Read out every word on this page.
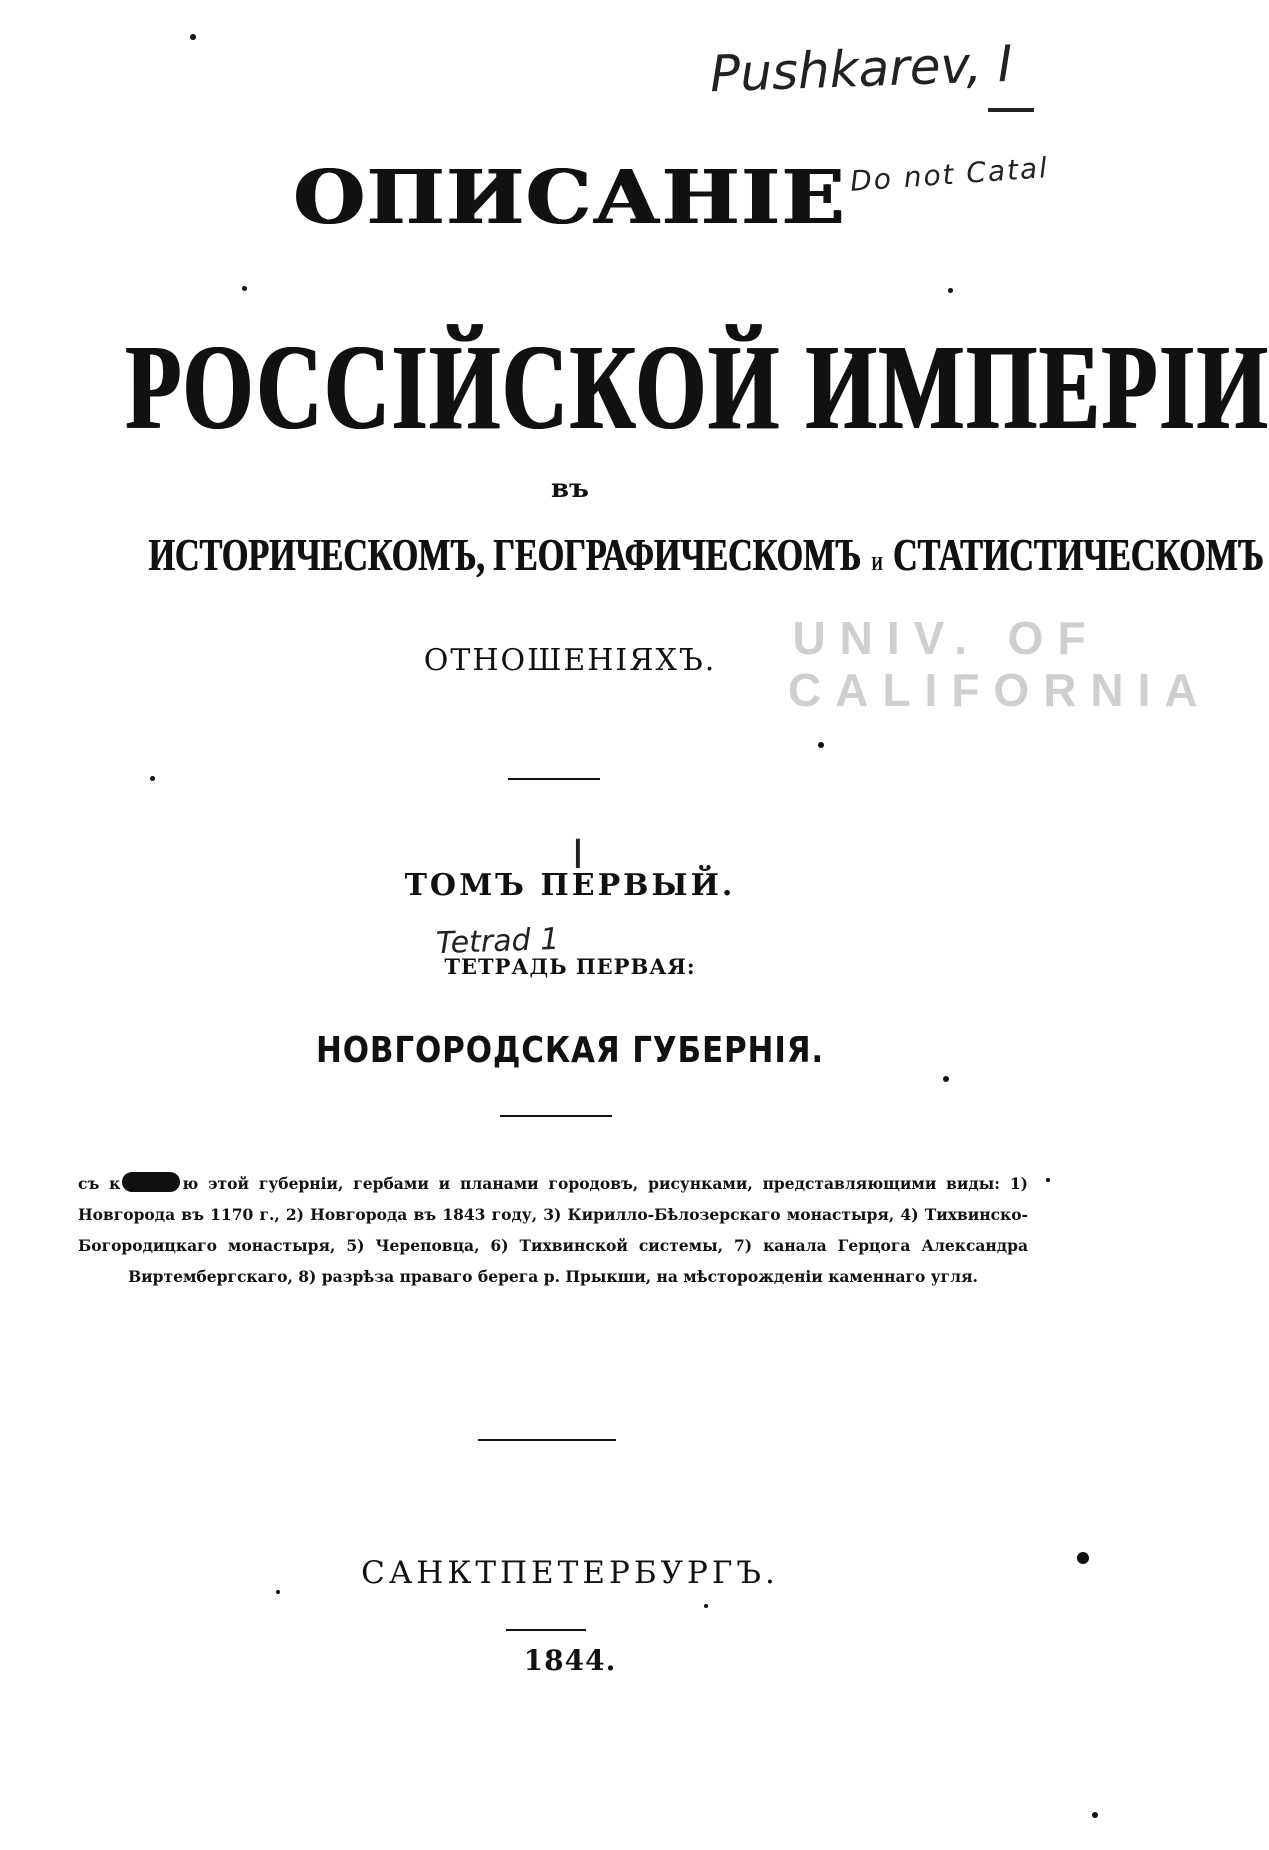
ОПИСАНІЕ
РОССІЙСКОЙ ИМПЕРІИ
въ
ИСТОРИЧЕСКОМЪ, ГЕОГРАФИЧЕСКОМЪ и СТАТИСТИЧЕСКОМЪ
ОТНОШЕНІЯХЪ.
ТОМЪ ПЕРВЫЙ.
ТЕТРАДЬ ПЕРВАЯ:
НОВГОРОДСКАЯ ГУБЕРНІЯ.
съ к	ю этой губерніи, гербами и планами городовъ, рисунками, представляющими виды: 1) Новгорода въ 1170 г., 2) Новгорода въ 1843 году, 3) Кирилло-Бѣлозерскаго монастыря, 4) Тихвинско-Богородицкаго монастыря, 5) Череповца, 6) Тихвинской системы, 7) канала Герцога Александра Виртембергскаго, 8) разрѣза праваго берега р. Прыкши, на мѣсторожденіи каменнаго угля.
САНКТПЕТЕРБУРГЪ.
1844.
Pushkarev, I
Do not Catal
I
Tetrad 1
UNIV. OF
CALIFORNIA
